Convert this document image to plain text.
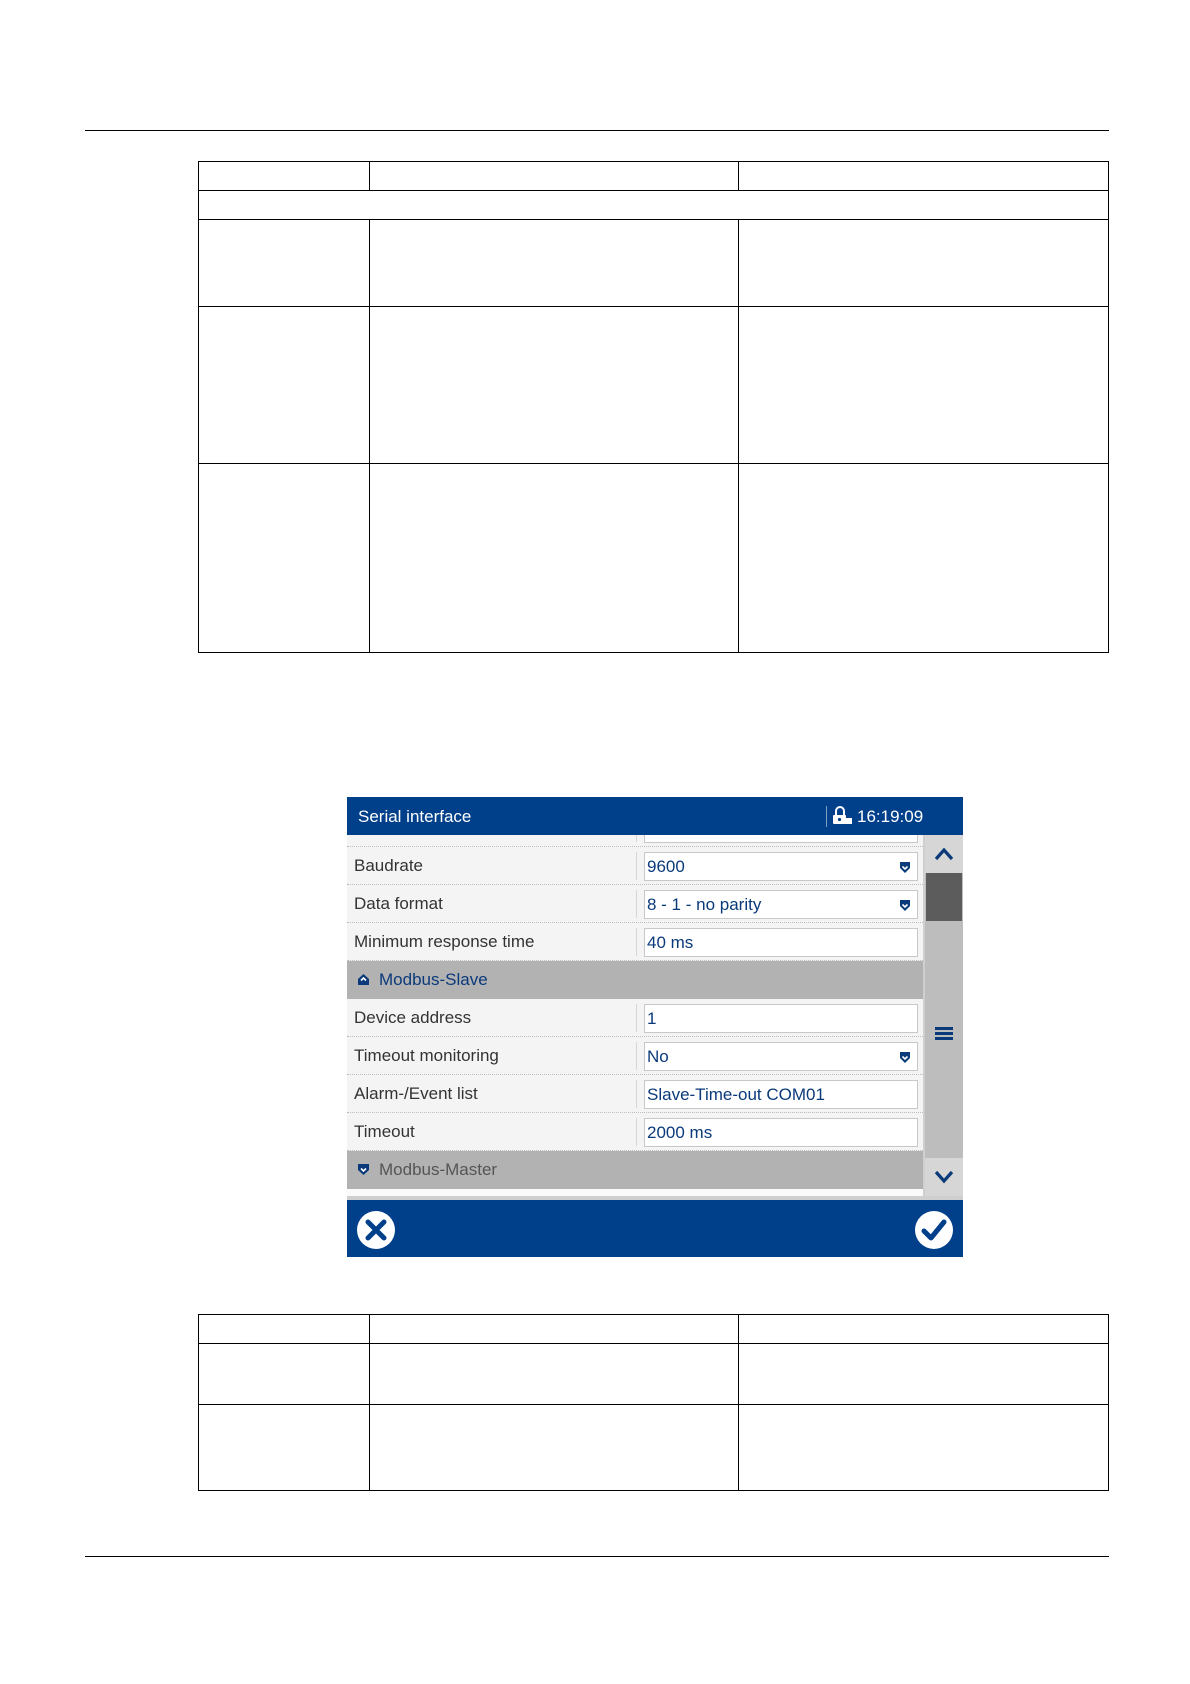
Serial interface	16:19:09
Baudrate	9600
Data format	8 - 1 - no parity
Minimum response time	40 ms
Modbus-Slave
Device address	1
Timeout monitoring	No
Alarm-/Event list	Slave-Time-out COM01
Timeout	2000 ms
Modbus-Master
